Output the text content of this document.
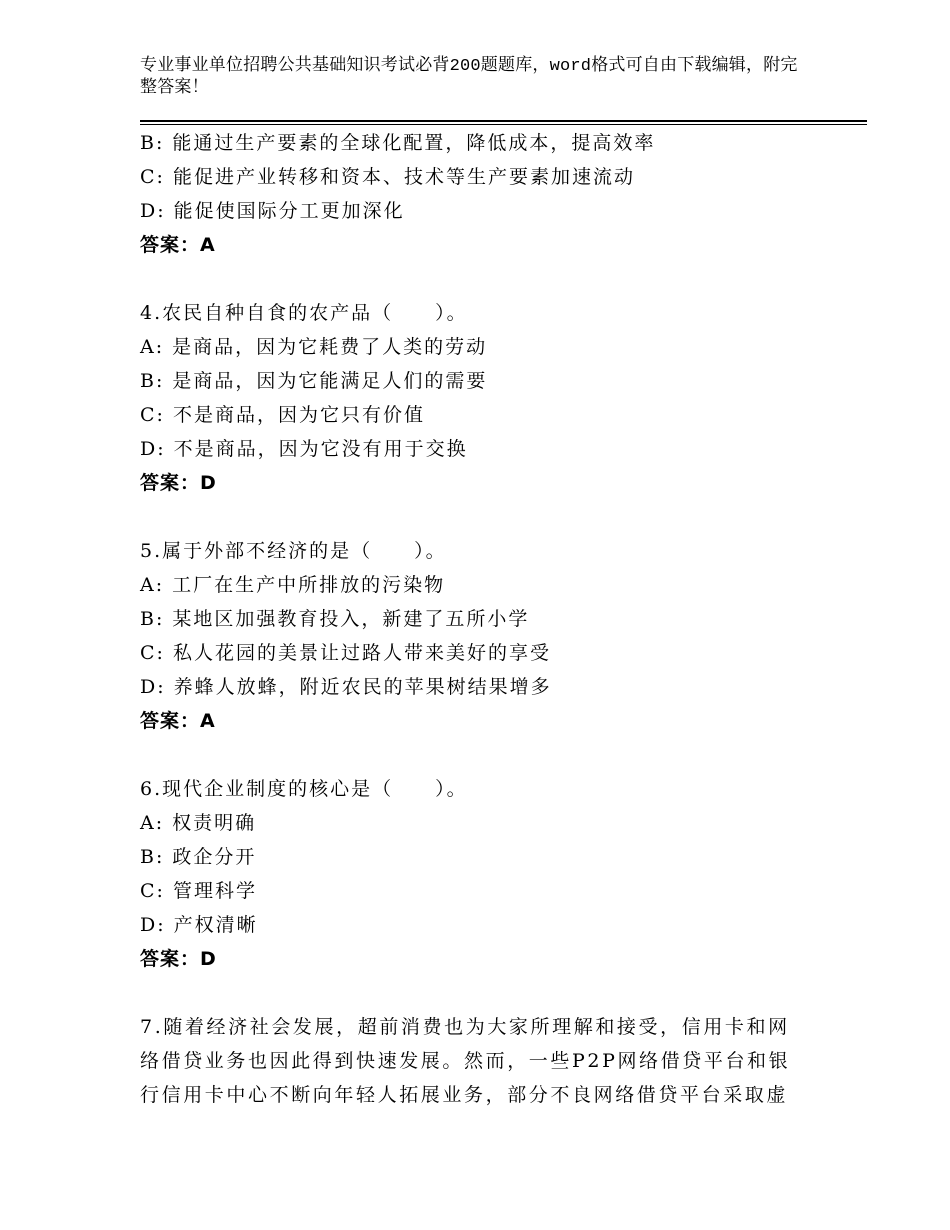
专业事业单位招聘公共基础知识考试必背200题题库，word格式可自由下载编辑，附完整答案！
B: 能通过生产要素的全球化配置，降低成本，提高效率
C: 能促进产业转移和资本、技术等生产要素加速流动
D: 能促使国际分工更加深化
答案：A
4.农民自种自食的农产品（　　）。
A: 是商品，因为它耗费了人类的劳动
B: 是商品，因为它能满足人们的需要
C: 不是商品，因为它只有价值
D: 不是商品，因为它没有用于交换
答案：D
5.属于外部不经济的是（　　）。
A: 工厂在生产中所排放的污染物
B: 某地区加强教育投入，新建了五所小学
C: 私人花园的美景让过路人带来美好的享受
D: 养蜂人放蜂，附近农民的苹果树结果增多
答案：A
6.现代企业制度的核心是（　　）。
A: 权责明确
B: 政企分开
C: 管理科学
D: 产权清晰
答案：D
7.随着经济社会发展，超前消费也为大家所理解和接受，信用卡和网络借贷业务也因此得到快速发展。然而，一些P2P网络借贷平台和银行信用卡中心不断向年轻人拓展业务，部分不良网络借贷平台采取虚
